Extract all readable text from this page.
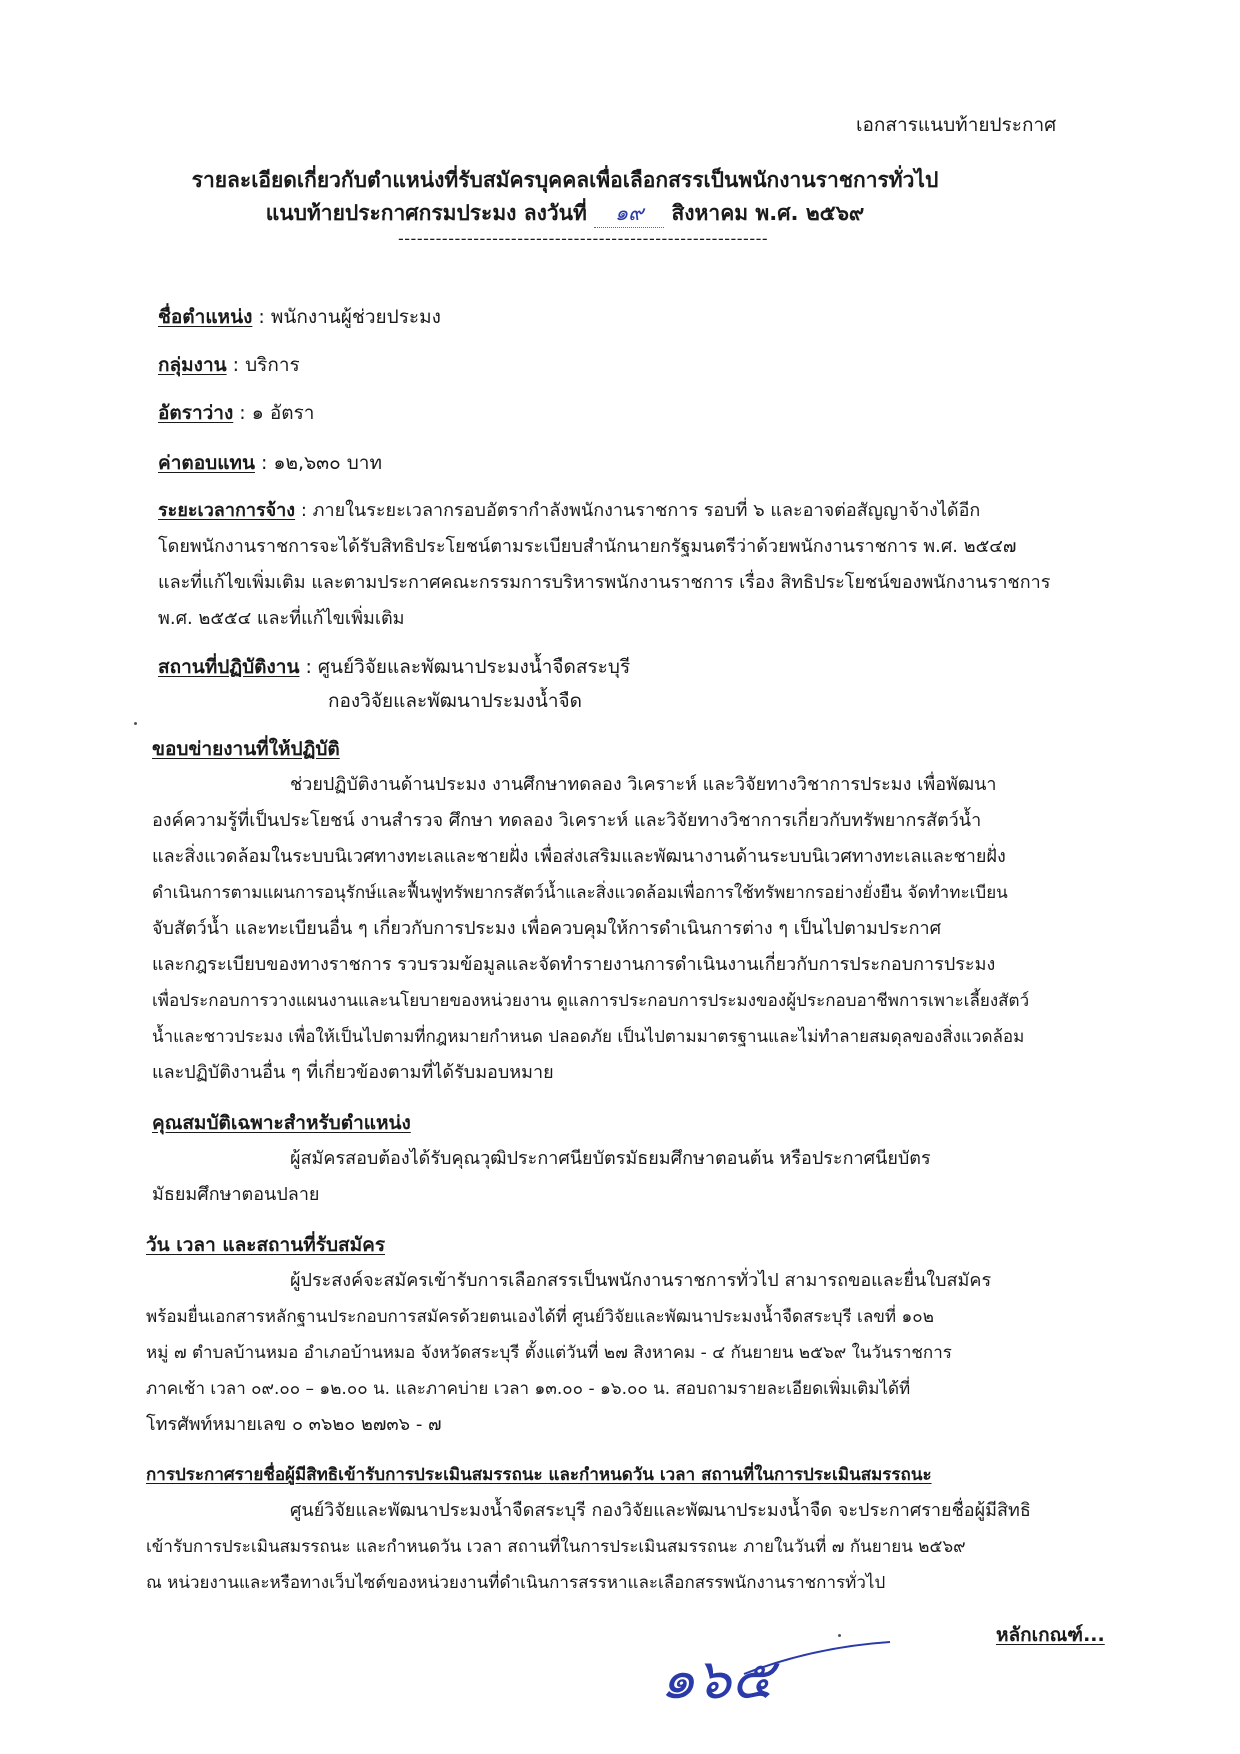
เอกสารแนบท้ายประกาศ
รายละเอียดเกี่ยวกับตำแหน่งที่รับสมัครบุคคลเพื่อเลือกสรรเป็นพนักงานราชการทั่วไป
แนบท้ายประกาศกรมประมง ลงวันที่ ๑๙ สิงหาคม พ.ศ. ๒๕๖๙
-----------------------------------------------------------
ชื่อตำแหน่ง : พนักงานผู้ช่วยประมง
กลุ่มงาน : บริการ
อัตราว่าง : ๑ อัตรา
ค่าตอบแทน : ๑๒,๖๓๐ บาท
ระยะเวลาการจ้าง : ภายในระยะเวลากรอบอัตรากำลังพนักงานราชการ รอบที่ ๖ และอาจต่อสัญญาจ้างได้อีก
โดยพนักงานราชการจะได้รับสิทธิประโยชน์ตามระเบียบสำนักนายกรัฐมนตรีว่าด้วยพนักงานราชการ พ.ศ. ๒๕๔๗
และที่แก้ไขเพิ่มเติม และตามประกาศคณะกรรมการบริหารพนักงานราชการ เรื่อง สิทธิประโยชน์ของพนักงานราชการ
พ.ศ. ๒๕๕๔ และที่แก้ไขเพิ่มเติม
สถานที่ปฏิบัติงาน : ศูนย์วิจัยและพัฒนาประมงน้ำจืดสระบุรี
กองวิจัยและพัฒนาประมงน้ำจืด
ขอบข่ายงานที่ให้ปฏิบัติ
ช่วยปฏิบัติงานด้านประมง งานศึกษาทดลอง วิเคราะห์ และวิจัยทางวิชาการประมง เพื่อพัฒนา
องค์ความรู้ที่เป็นประโยชน์ งานสำรวจ ศึกษา ทดลอง วิเคราะห์ และวิจัยทางวิชาการเกี่ยวกับทรัพยากรสัตว์น้ำ
และสิ่งแวดล้อมในระบบนิเวศทางทะเลและชายฝั่ง เพื่อส่งเสริมและพัฒนางานด้านระบบนิเวศทางทะเลและชายฝั่ง
ดำเนินการตามแผนการอนุรักษ์และฟื้นฟูทรัพยากรสัตว์น้ำและสิ่งแวดล้อมเพื่อการใช้ทรัพยากรอย่างยั่งยืน จัดทำทะเบียน
จับสัตว์น้ำ และทะเบียนอื่น ๆ เกี่ยวกับการประมง เพื่อควบคุมให้การดำเนินการต่าง ๆ เป็นไปตามประกาศ
และกฎระเบียบของทางราชการ รวบรวมข้อมูลและจัดทำรายงานการดำเนินงานเกี่ยวกับการประกอบการประมง
เพื่อประกอบการวางแผนงานและนโยบายของหน่วยงาน ดูแลการประกอบการประมงของผู้ประกอบอาชีพการเพาะเลี้ยงสัตว์
น้ำและชาวประมง เพื่อให้เป็นไปตามที่กฎหมายกำหนด ปลอดภัย เป็นไปตามมาตรฐานและไม่ทำลายสมดุลของสิ่งแวดล้อม
และปฏิบัติงานอื่น ๆ ที่เกี่ยวข้องตามที่ได้รับมอบหมาย
คุณสมบัติเฉพาะสำหรับตำแหน่ง
ผู้สมัครสอบต้องได้รับคุณวุฒิประกาศนียบัตรมัธยมศึกษาตอนต้น หรือประกาศนียบัตร
มัธยมศึกษาตอนปลาย
วัน เวลา และสถานที่รับสมัคร
ผู้ประสงค์จะสมัครเข้ารับการเลือกสรรเป็นพนักงานราชการทั่วไป สามารถขอและยื่นใบสมัคร
พร้อมยื่นเอกสารหลักฐานประกอบการสมัครด้วยตนเองได้ที่ ศูนย์วิจัยและพัฒนาประมงน้ำจืดสระบุรี เลขที่ ๑๐๒
หมู่ ๗ ตำบลบ้านหมอ อำเภอบ้านหมอ จังหวัดสระบุรี ตั้งแต่วันที่ ๒๗ สิงหาคม - ๔ กันยายน ๒๕๖๙ ในวันราชการ
ภาคเช้า เวลา ๐๙.๐๐ – ๑๒.๐๐ น. และภาคบ่าย เวลา ๑๓.๐๐ - ๑๖.๐๐ น. สอบถามรายละเอียดเพิ่มเติมได้ที่
โทรศัพท์หมายเลข ๐ ๓๖๒๐ ๒๗๓๖ - ๗
การประกาศรายชื่อผู้มีสิทธิเข้ารับการประเมินสมรรถนะ และกำหนดวัน เวลา สถานที่ในการประเมินสมรรถนะ
ศูนย์วิจัยและพัฒนาประมงน้ำจืดสระบุรี กองวิจัยและพัฒนาประมงน้ำจืด จะประกาศรายชื่อผู้มีสิทธิ
เข้ารับการประเมินสมรรถนะ และกำหนดวัน เวลา สถานที่ในการประเมินสมรรถนะ ภายในวันที่ ๗ กันยายน ๒๕๖๙
ณ หน่วยงานและหรือทางเว็บไซต์ของหน่วยงานที่ดำเนินการสรรหาและเลือกสรรพนักงานราชการทั่วไป
หลักเกณฑ์...
๑๖๕
